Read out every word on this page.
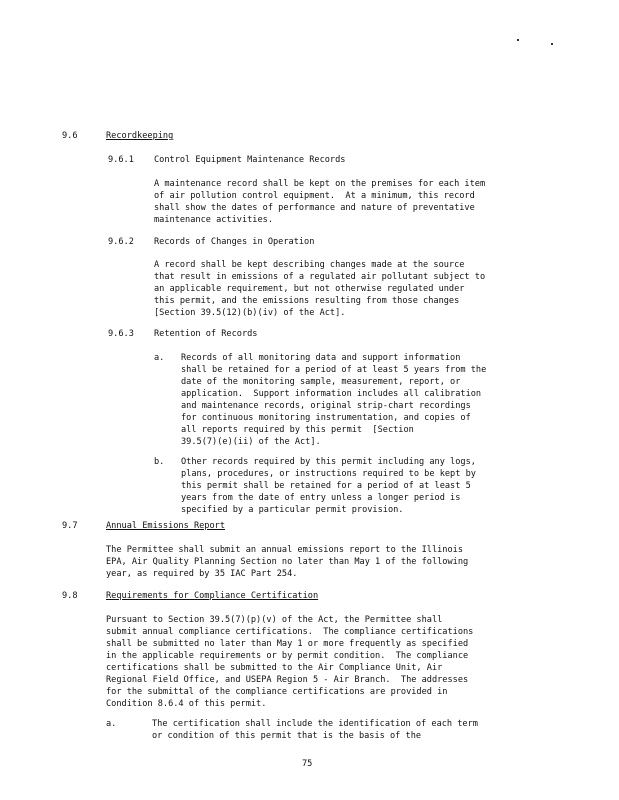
9.6	Recordkeeping
9.6.1 Control Equipment Maintenance Records
A maintenance record shall be kept on the premises for each item
of air pollution control equipment.  At a minimum, this record
shall show the dates of performance and nature of preventative
maintenance activities.
9.6.2 Records of Changes in Operation
A record shall be kept describing changes made at the source
that result in emissions of a regulated air pollutant subject to
an applicable requirement, but not otherwise regulated under
this permit, and the emissions resulting from those changes
[Section 39.5(12)(b)(iv) of the Act].
9.6.3 Retention of Records
a. Records of all monitoring data and support information
shall be retained for a period of at least 5 years from the
date of the monitoring sample, measurement, report, or
application.  Support information includes all calibration
and maintenance records, original strip-chart recordings
for continuous monitoring instrumentation, and copies of
all reports required by this permit  [Section
39.5(7)(e)(ii) of the Act].
b. Other records required by this permit including any logs,
plans, procedures, or instructions required to be kept by
this permit shall be retained for a period of at least 5
years from the date of entry unless a longer period is
specified by a particular permit provision.
9.7	Annual Emissions Report
The Permittee shall submit an annual emissions report to the Illinois
EPA, Air Quality Planning Section no later than May 1 of the following
year, as required by 35 IAC Part 254.
9.8	Requirements for Compliance Certification
Pursuant to Section 39.5(7)(p)(v) of the Act, the Permittee shall
submit annual compliance certifications.  The compliance certifications
shall be submitted no later than May 1 or more frequently as specified
in the applicable requirements or by permit condition.  The compliance
certifications shall be submitted to the Air Compliance Unit, Air
Regional Field Office, and USEPA Region 5 - Air Branch.  The addresses
for the submittal of the compliance certifications are provided in
Condition 8.6.4 of this permit.
a.	The certification shall include the identification of each term
or condition of this permit that is the basis of the
75
